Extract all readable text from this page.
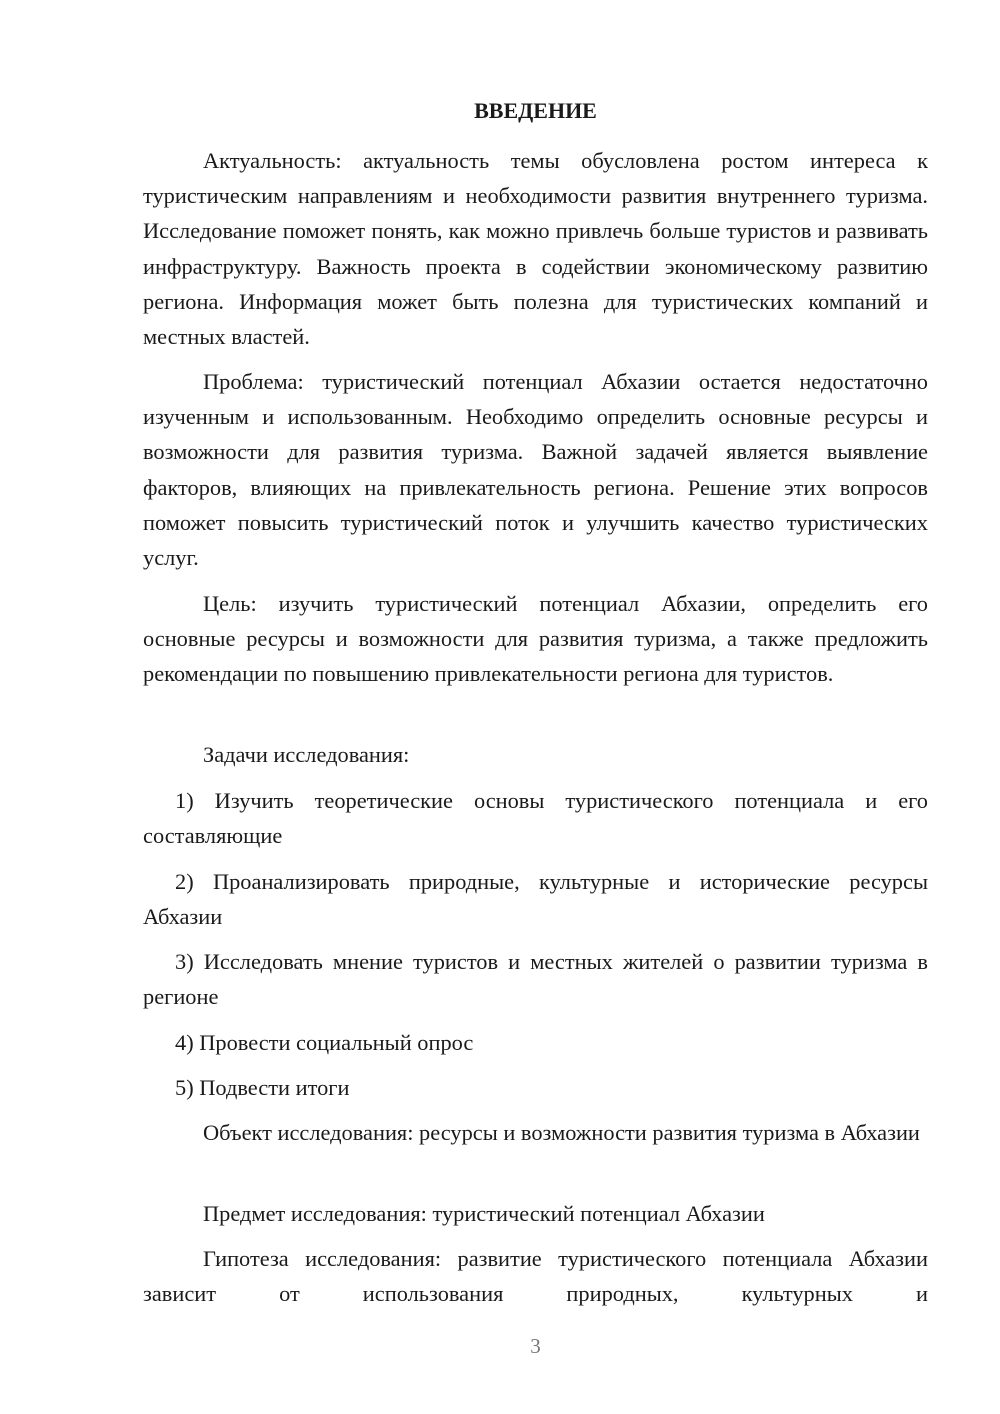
ВВЕДЕНИЕ

Актуальность: актуальность темы обусловлена ростом интереса к туристическим направлениям и необходимости развития внутреннего туризма. Исследование поможет понять, как можно привлечь больше туристов и развивать инфраструктуру. Важность проекта в содействии экономическому развитию региона. Информация может быть полезна для туристических компаний и местных властей.

Проблема: туристический потенциал Абхазии остается недостаточно изученным и использованным. Необходимо определить основные ресурсы и возможности для развития туризма. Важной задачей является выявление факторов, влияющих на привлекательность региона. Решение этих вопросов поможет повысить туристический поток и улучшить качество туристических услуг.

Цель: изучить туристический потенциал Абхазии, определить его основные ресурсы и возможности для развития туризма, а также предложить рекомендации по повышению привлекательности региона для туристов.

Задачи исследования:

1) Изучить теоретические основы туристического потенциала и его составляющие

2) Проанализировать природные, культурные и исторические ресурсы Абхазии

3) Исследовать мнение туристов и местных жителей о развитии туризма в регионе

4) Провести социальный опрос

5) Подвести итоги

Объект исследования: ресурсы и возможности развития туризма в Абхазии

Предмет исследования: туристический потенциал Абхазии

Гипотеза исследования: развитие туристического потенциала Абхазии зависит от использования природных, культурных и

3
